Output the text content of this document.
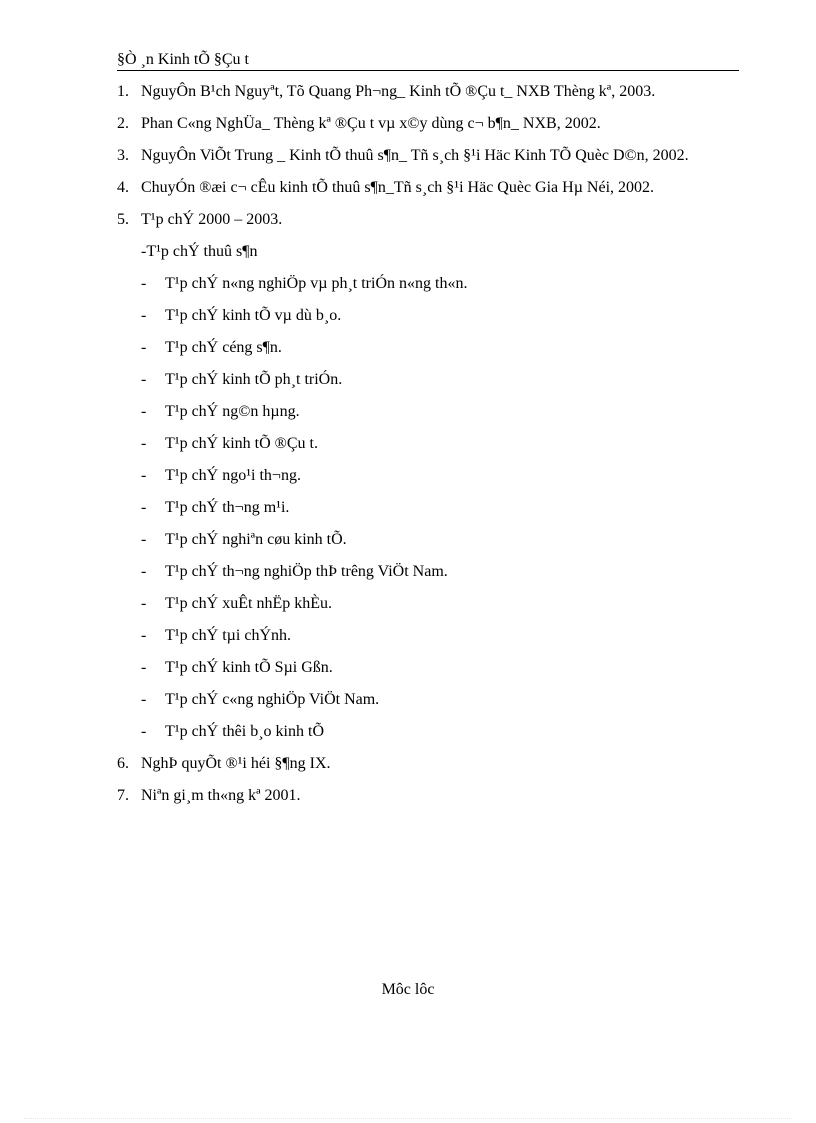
§Ò ¸n Kinh tÕ §Çu t
1. NguyÔn B¹ch Nguyªt, Tõ Quang Ph¬ng_ Kinh tÕ ®Çu t_ NXB Thèng kª, 2003.
2. Phan C«ng NghÜa_ Thèng kª ®Çu t vµ x©y dùng c¬ b¶n_ NXB, 2002.
3. NguyÔn ViÕt Trung _ Kinh tÕ thuû s¶n_ Tñ s¸ch §¹i Häc Kinh TÕ Quèc D©n, 2002.
4. ChuyÓn ®æi c¬ cÊu kinh tÕ thuû s¶n_Tñ s¸ch §¹i Häc Quèc Gia Hµ Néi, 2002.
5. T¹p chÝ 2000 – 2003.
-T¹p chÝ thuû s¶n
- T¹p chÝ n«ng nghiÖp vµ ph¸t triÓn n«ng th«n.
- T¹p chÝ kinh tÕ vµ dù b¸o.
- T¹p chÝ céng s¶n.
- T¹p chÝ kinh tÕ ph¸t triÓn.
- T¹p chÝ ng©n hµng.
- T¹p chÝ kinh tÕ ®Çu t.
- T¹p chÝ ngo¹i th¬ng.
- T¹p chÝ th¬ng m¹i.
- T¹p chÝ nghiªn cøu kinh tÕ.
- T¹p chÝ th¬ng nghiÖp thÞ trêng ViÖt Nam.
- T¹p chÝ xuÊt nhËp khÈu.
- T¹p chÝ tµi chÝnh.
- T¹p chÝ kinh tÕ Sµi Gßn.
- T¹p chÝ c«ng nghiÖp ViÖt Nam.
- T¹p chÝ thêi b¸o kinh tÕ
6. NghÞ quyÕt ®¹i héi §¶ng IX.
7. Niªn gi¸m th«ng kª 2001.
Môc lôc
